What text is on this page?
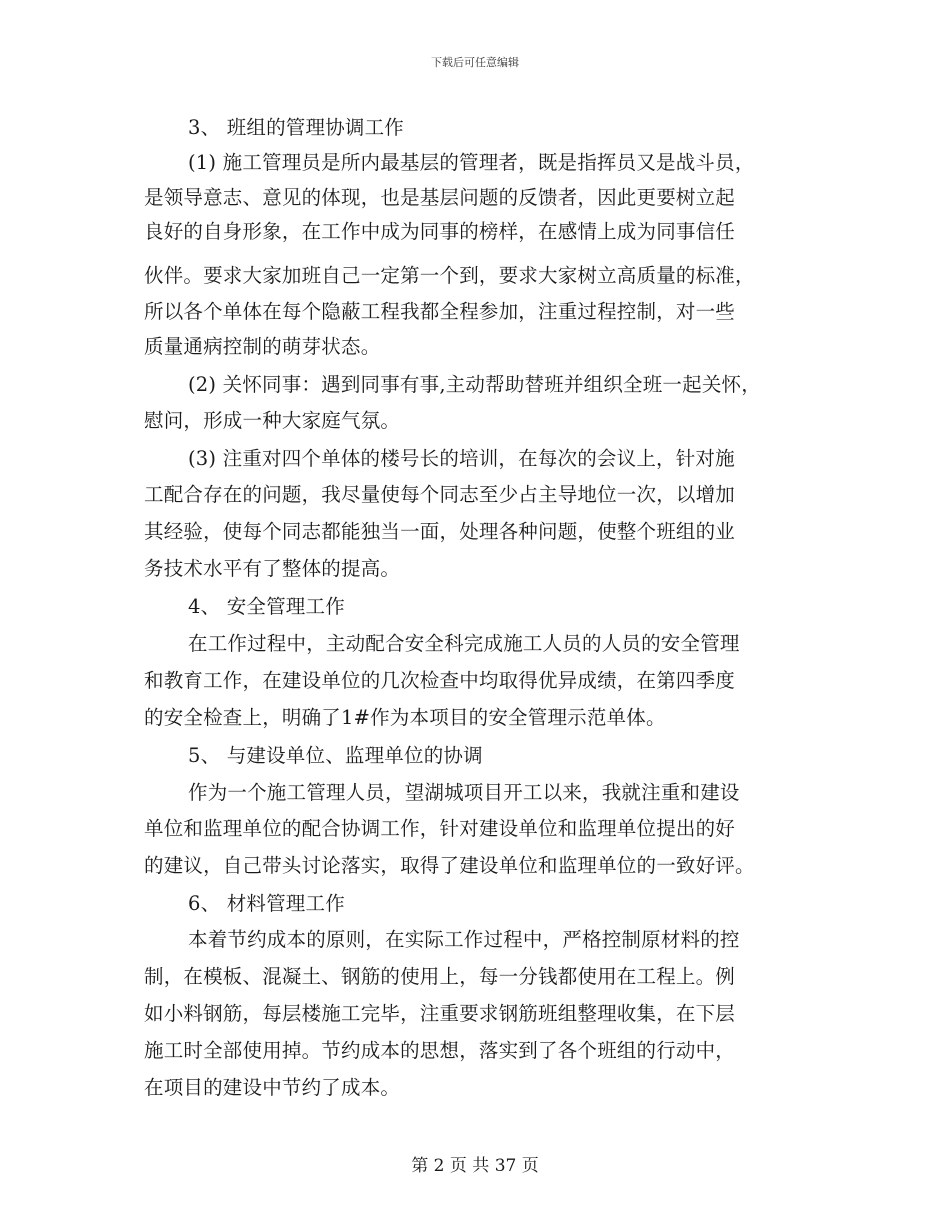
下载后可任意编辑
3、 班组的管理协调工作
(1) 施工管理员是所内最基层的管理者，既是指挥员又是战斗员，
是领导意志、意见的体现，也是基层问题的反馈者，因此更要树立起
良好的自身形象，在工作中成为同事的榜样，在感情上成为同事信任
伙伴。要求大家加班自己一定第一个到，要求大家树立高质量的标准，
所以各个单体在每个隐蔽工程我都全程参加，注重过程控制，对一些
质量通病控制的萌芽状态。
(2) 关怀同事：遇到同事有事,主动帮助替班并组织全班一起关怀，
慰问，形成一种大家庭气氛。
(3) 注重对四个单体的楼号长的培训，在每次的会议上，针对施
工配合存在的问题，我尽量使每个同志至少占主导地位一次，以增加
其经验，使每个同志都能独当一面，处理各种问题，使整个班组的业
务技术水平有了整体的提高。
4、 安全管理工作
在工作过程中，主动配合安全科完成施工人员的人员的安全管理
和教育工作，在建设单位的几次检查中均取得优异成绩，在第四季度
的安全检查上，明确了1#作为本项目的安全管理示范单体。
5、 与建设单位、监理单位的协调
作为一个施工管理人员，望湖城项目开工以来，我就注重和建设
单位和监理单位的配合协调工作，针对建设单位和监理单位提出的好
的建议，自己带头讨论落实，取得了建设单位和监理单位的一致好评。
6、 材料管理工作
本着节约成本的原则，在实际工作过程中，严格控制原材料的控
制，在模板、混凝土、钢筋的使用上，每一分钱都使用在工程上。例
如小料钢筋，每层楼施工完毕，注重要求钢筋班组整理收集，在下层
施工时全部使用掉。节约成本的思想，落实到了各个班组的行动中，
在项目的建设中节约了成本。
第 2 页 共 37 页
